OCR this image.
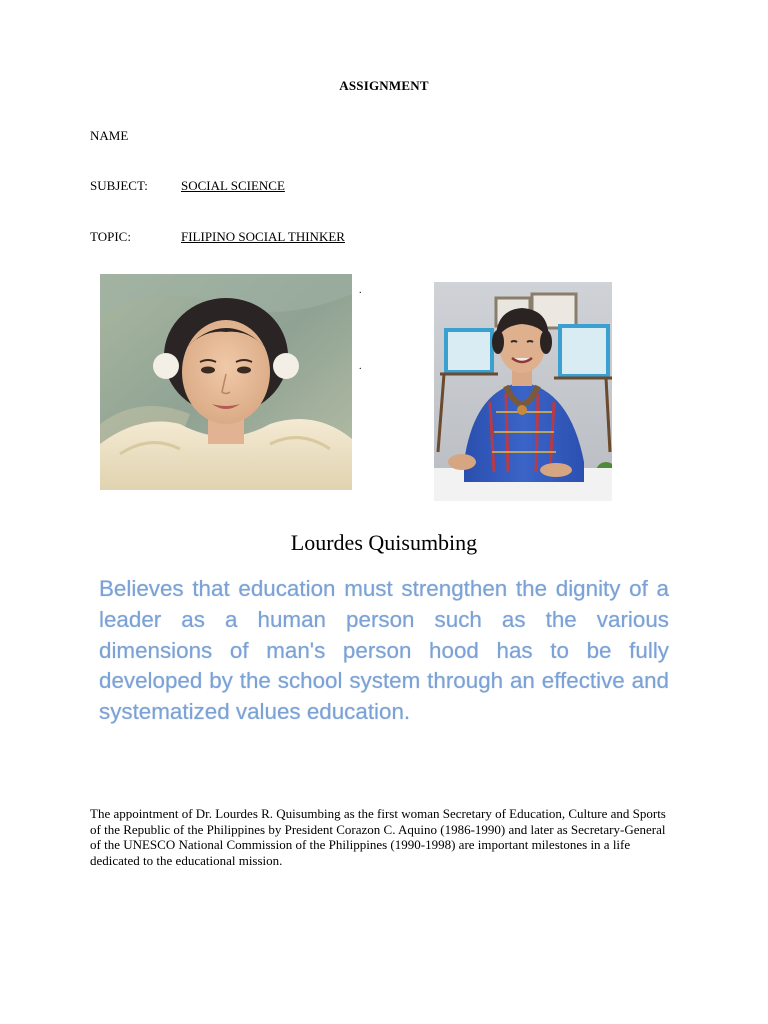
ASSIGNMENT
NAME
SUBJECT:	SOCIAL SCIENCE
TOPIC:	FILIPINO SOCIAL THINKER
.
.
Lourdes Quisumbing
Believes that education must strengthen the dignity of a leader as a human person such as the various dimensions of man's person hood has to be fully developed by the school system through an effective and systematized values education.
The appointment of Dr. Lourdes R. Quisumbing as the first woman Secretary of Education, Culture and Sports of the Republic of the Philippines by President Corazon C. Aquino (1986-1990) and later as Secretary-General of the UNESCO National Commission of the Philippines (1990-1998) are important milestones in a life dedicated to the educational mission.
